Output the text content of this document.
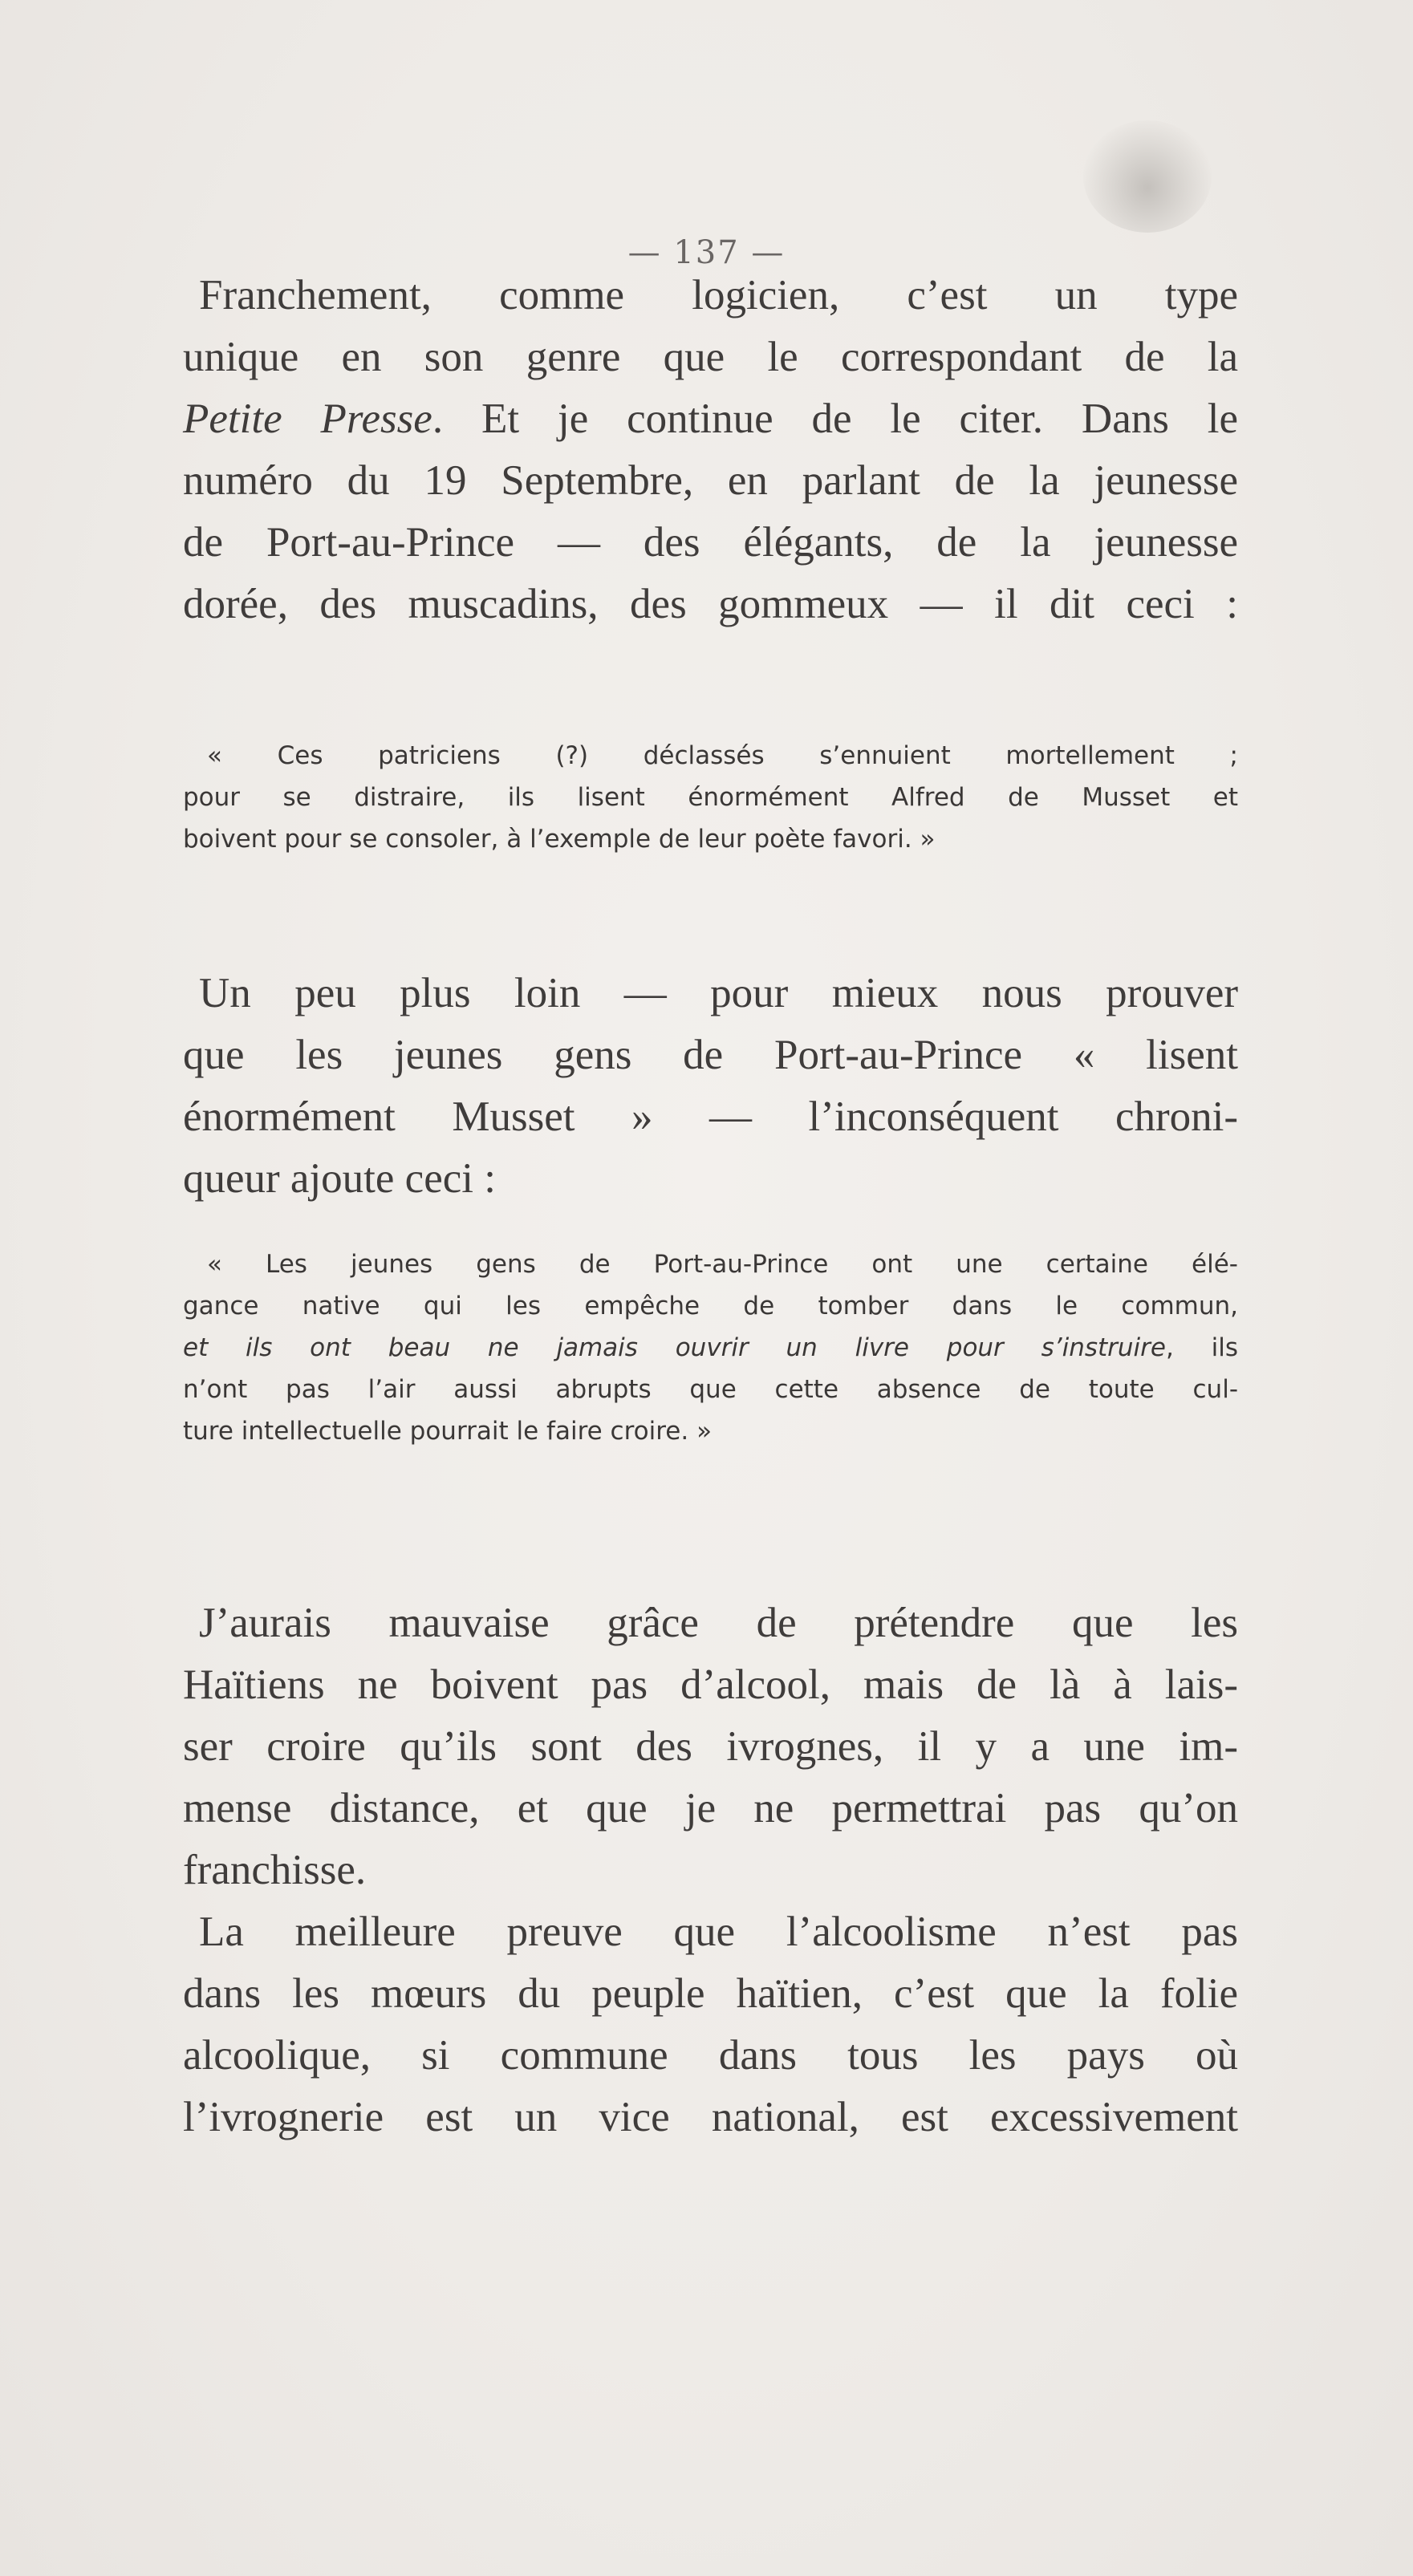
— 137 —
Franchement, comme logicien, c’est un type
unique en son genre que le correspondant de la
Petite Presse. Et je continue de le citer. Dans le
numéro du 19 Septembre, en parlant de la jeunesse
de Port-au-Prince — des élégants, de la jeunesse
dorée, des muscadins, des gommeux — il dit ceci :
« Ces patriciens (?) déclassés s’ennuient mortellement ;
pour se distraire, ils lisent énormément Alfred de Musset et
boivent pour se consoler, à l’exemple de leur poète favori. »
Un peu plus loin — pour mieux nous prouver
que les jeunes gens de Port-au-Prince « lisent
énormément Musset » — l’inconséquent chroni-
queur ajoute ceci :
« Les jeunes gens de Port-au-Prince ont une certaine élé-
gance native qui les empêche de tomber dans le commun,
et ils ont beau ne jamais ouvrir un livre pour s’instruire, ils
n’ont pas l’air aussi abrupts que cette absence de toute cul-
ture intellectuelle pourrait le faire croire. »
J’aurais mauvaise grâce de prétendre que les
Haïtiens ne boivent pas d’alcool, mais de là à lais-
ser croire qu’ils sont des ivrognes, il y a une im-
mense distance, et que je ne permettrai pas qu’on
franchisse.
La meilleure preuve que l’alcoolisme n’est pas
dans les mœurs du peuple haïtien, c’est que la folie
alcoolique, si commune dans tous les pays où
l’ivrognerie est un vice national, est excessivement
